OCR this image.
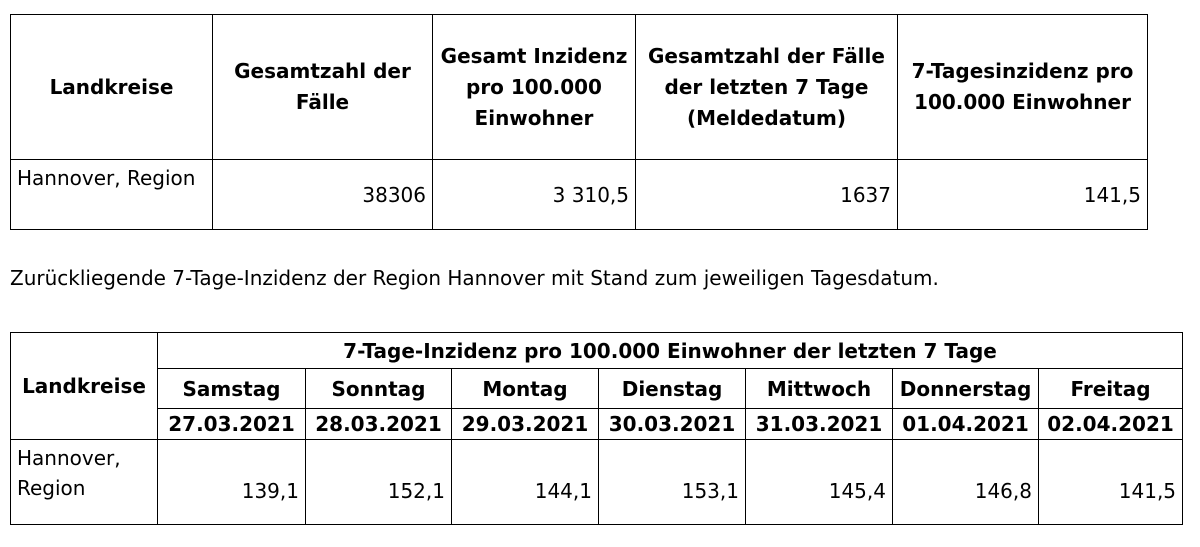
Landkreise	Gesamtzahl der Fälle	Gesamt Inzidenz pro 100.000 Einwohner	Gesamtzahl der Fälle der letzten 7 Tage (Meldedatum)	7-Tagesinzidenz pro 100.000 Einwohner
Hannover, Region	38306	3 310,5	1637	141,5
Zurückliegende 7-Tage-Inzidenz der Region Hannover mit Stand zum jeweiligen Tagesdatum.
Landkreise	7-Tage-Inzidenz pro 100.000 Einwohner der letzten 7 Tage						
	Samstag	Sonntag	Montag	Dienstag	Mittwoch	Donnerstag	Freitag
	27.03.2021	28.03.2021	29.03.2021	30.03.2021	31.03.2021	01.04.2021	02.04.2021
Hannover, Region	139,1	152,1	144,1	153,1	145,4	146,8	141,5
